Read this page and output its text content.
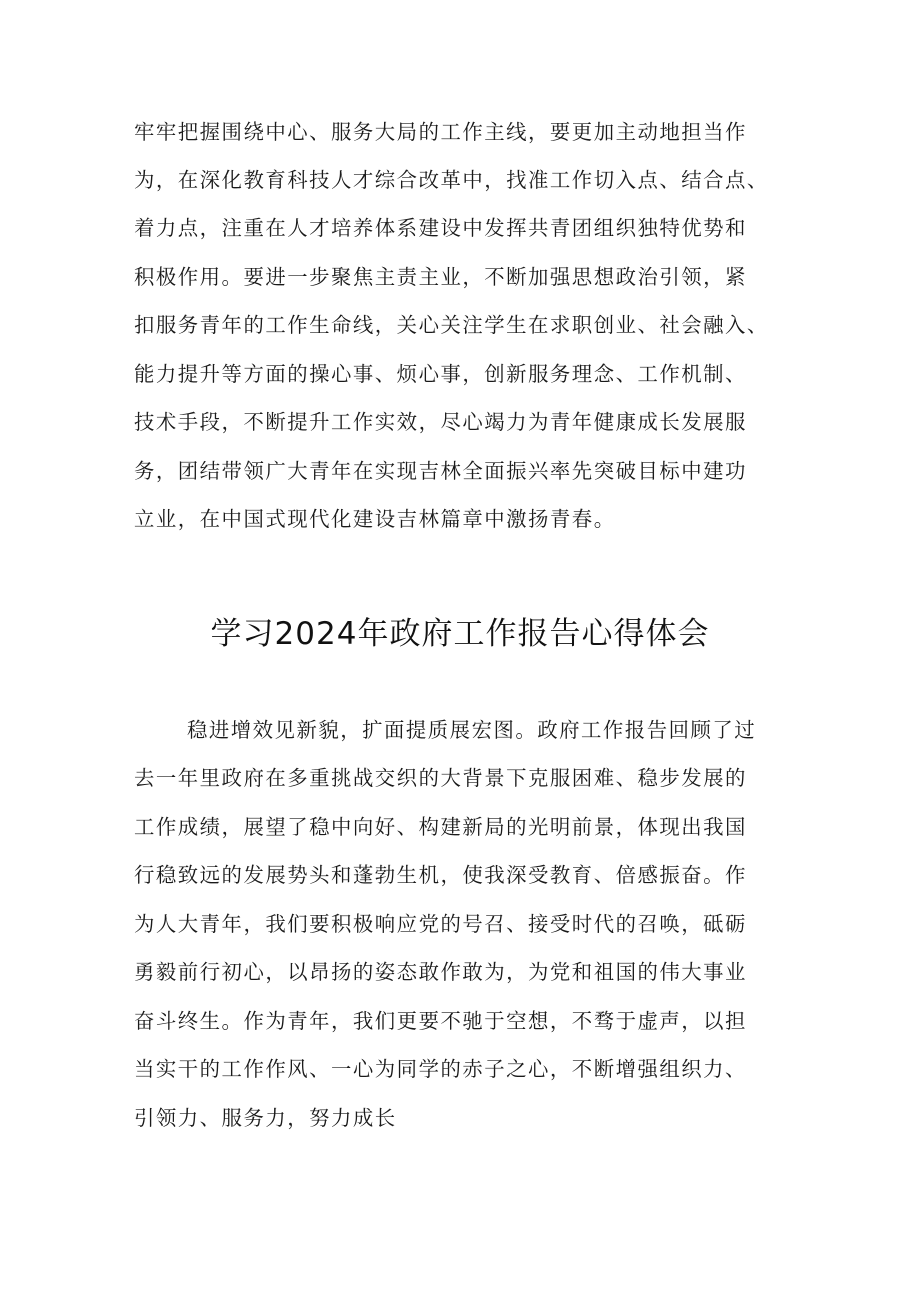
牢牢把握围绕中心、服务大局的工作主线，要更加主动地担当作
为，在深化教育科技人才综合改革中，找准工作切入点、结合点、
着力点，注重在人才培养体系建设中发挥共青团组织独特优势和
积极作用。要进一步聚焦主责主业，不断加强思想政治引领，紧
扣服务青年的工作生命线，关心关注学生在求职创业、社会融入、
能力提升等方面的操心事、烦心事，创新服务理念、工作机制、
技术手段，不断提升工作实效，尽心竭力为青年健康成长发展服
务，团结带领广大青年在实现吉林全面振兴率先突破目标中建功
立业，在中国式现代化建设吉林篇章中激扬青春。
学习2024年政府工作报告心得体会
稳进增效见新貌，扩面提质展宏图。政府工作报告回顾了过
去一年里政府在多重挑战交织的大背景下克服困难、稳步发展的
工作成绩，展望了稳中向好、构建新局的光明前景，体现出我国
行稳致远的发展势头和蓬勃生机，使我深受教育、倍感振奋。作
为人大青年，我们要积极响应党的号召、接受时代的召唤，砥砺
勇毅前行初心，以昂扬的姿态敢作敢为，为党和祖国的伟大事业
奋斗终生。作为青年，我们更要不驰于空想，不骛于虚声，以担
当实干的工作作风、一心为同学的赤子之心，不断增强组织力、
引领力、服务力，努力成长
